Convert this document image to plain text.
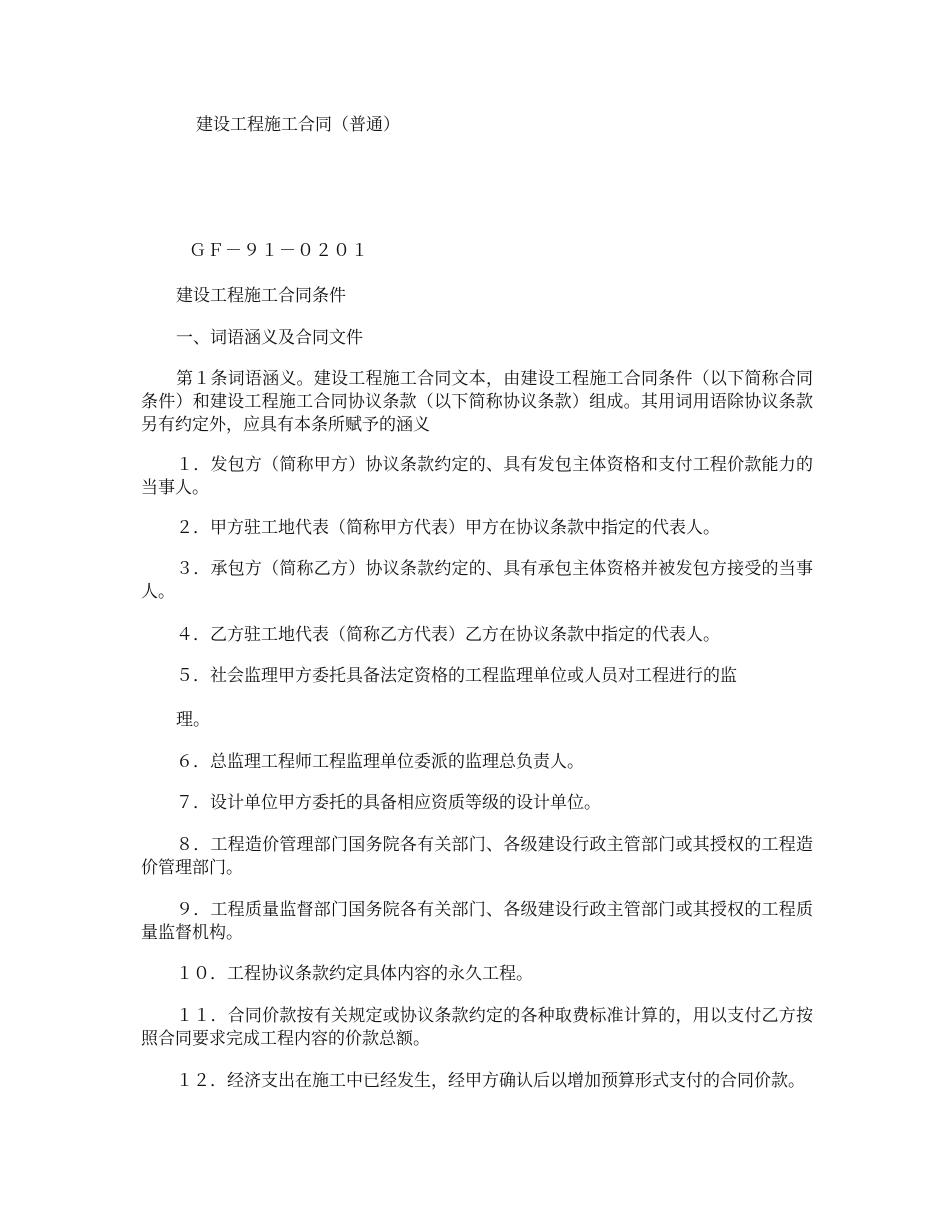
建设工程施工合同（普通）
ＧＦ－９１－０２０１
建设工程施工合同条件
一、词语涵义及合同文件
第１条词语涵义。建设工程施工合同文本，由建设工程施工合同条件（以下简称合同条件）和建设工程施工合同协议条款（以下简称协议条款）组成。其用词用语除协议条款另有约定外，应具有本条所赋予的涵义
１．发包方（简称甲方）协议条款约定的、具有发包主体资格和支付工程价款能力的当事人。
２．甲方驻工地代表（简称甲方代表）甲方在协议条款中指定的代表人。
３．承包方（简称乙方）协议条款约定的、具有承包主体资格并被发包方接受的当事人。
４．乙方驻工地代表（简称乙方代表）乙方在协议条款中指定的代表人。
５．社会监理甲方委托具备法定资格的工程监理单位或人员对工程进行的监
理。
６．总监理工程师工程监理单位委派的监理总负责人。
７．设计单位甲方委托的具备相应资质等级的设计单位。
８．工程造价管理部门国务院各有关部门、各级建设行政主管部门或其授权的工程造价管理部门。
９．工程质量监督部门国务院各有关部门、各级建设行政主管部门或其授权的工程质量监督机构。
１０．工程协议条款约定具体内容的永久工程。
１１．合同价款按有关规定或协议条款约定的各种取费标准计算的，用以支付乙方按照合同要求完成工程内容的价款总额。
１２．经济支出在施工中已经发生，经甲方确认后以增加预算形式支付的合同价款。
